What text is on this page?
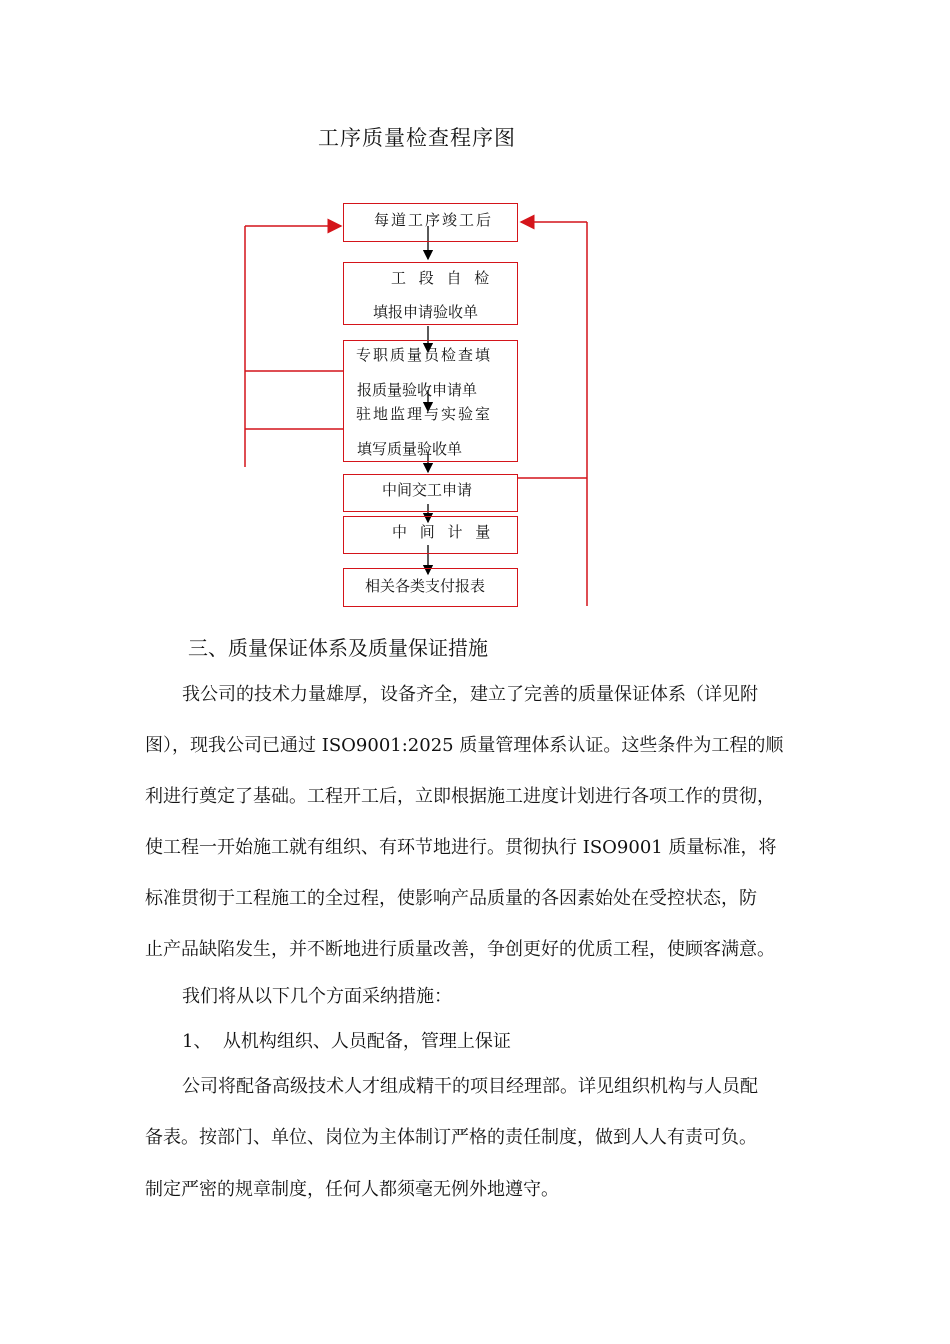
工序质量检查程序图
每道工序竣工后
工 段 自 检
填报申请验收单
专职质量员检查填
报质量验收申请单
驻地监理与实验室
填写质量验收单
中间交工申请
中 间 计 量
相关各类支付报表
三、质量保证体系及质量保证措施
我公司的技术力量雄厚，设备齐全，建立了完善的质量保证体系（详见附
图），现我公司已通过 ISO9001:2025 质量管理体系认证。这些条件为工程的顺
利进行奠定了基础。工程开工后，立即根据施工进度计划进行各项工作的贯彻，
使工程一开始施工就有组织、有环节地进行。贯彻执行 ISO9001 质量标准，将
标准贯彻于工程施工的全过程，使影响产品质量的各因素始处在受控状态，防
止产品缺陷发生，并不断地进行质量改善，争创更好的优质工程，使顾客满意。
我们将从以下几个方面采纳措施：
1、  从机构组织、人员配备，管理上保证
公司将配备高级技术人才组成精干的项目经理部。详见组织机构与人员配
备表。按部门、单位、岗位为主体制订严格的责任制度，做到人人有责可负。
制定严密的规章制度，任何人都须毫无例外地遵守。
